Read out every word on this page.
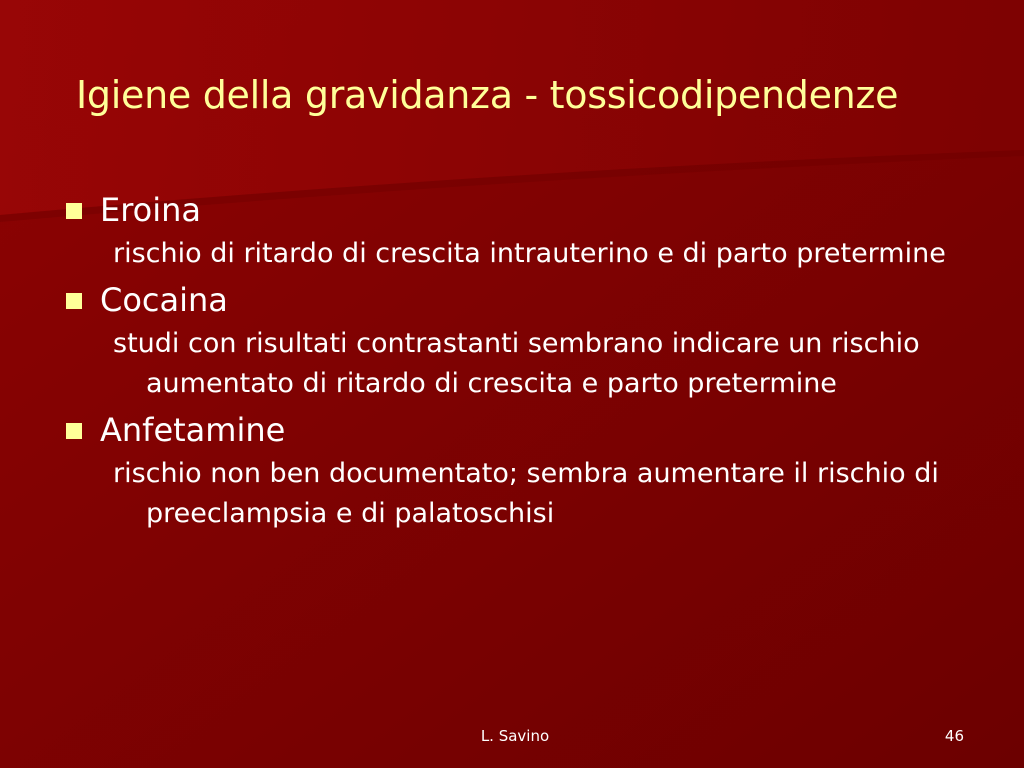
Igiene della gravidanza - tossicodipendenze
Eroina
rischio di ritardo di crescita intrauterino e di parto pretermine
Cocaina
studi con risultati contrastanti sembrano indicare un rischio aumentato di ritardo di crescita e parto pretermine
Anfetamine
rischio non ben documentato; sembra aumentare il rischio di preeclampsia e di palatoschisi
L. Savino	46
